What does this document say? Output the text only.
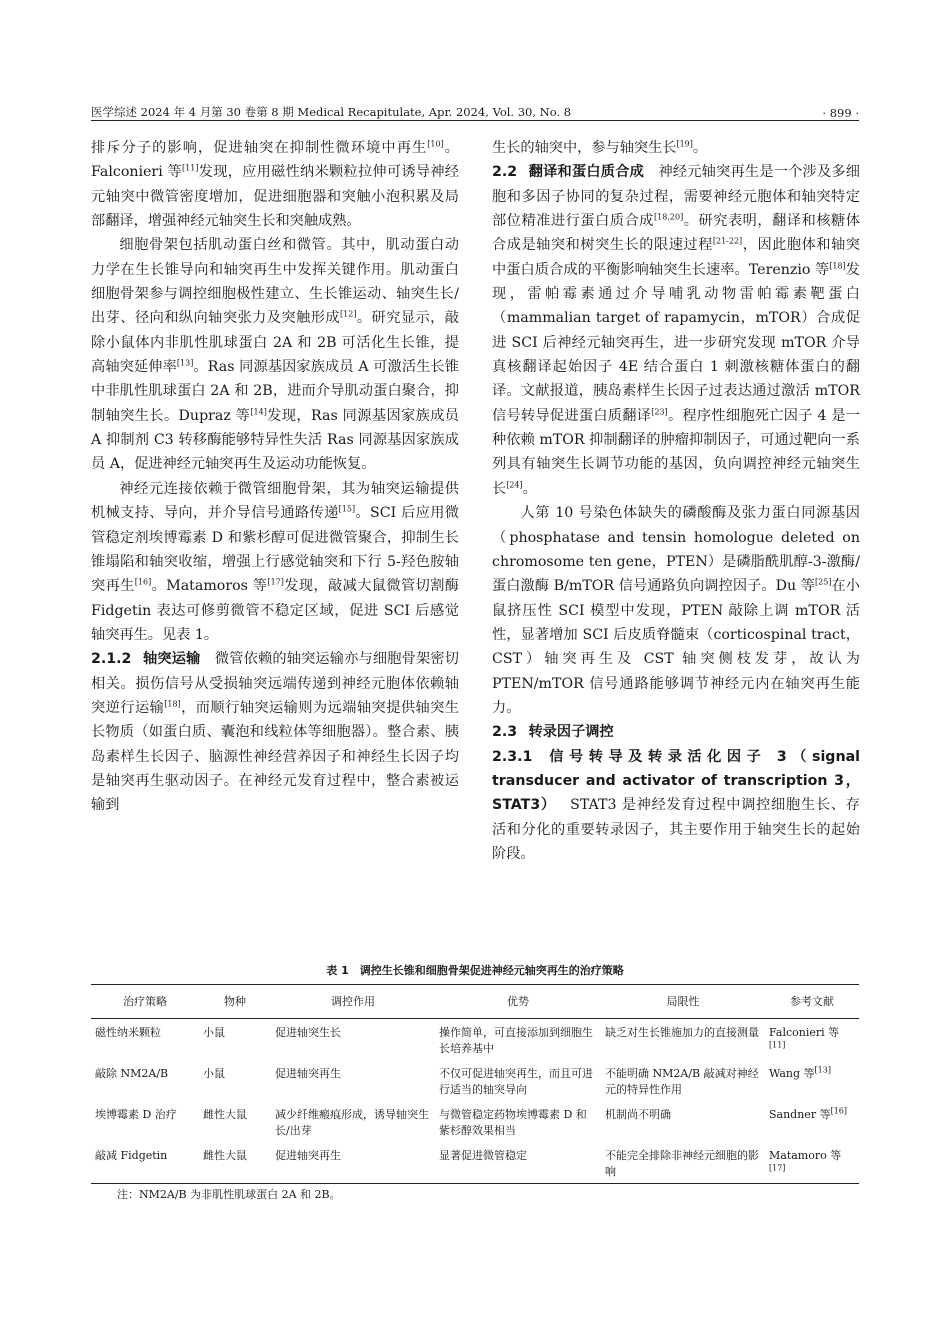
医学综述 2024 年 4 月第 30 卷第 8 期 Medical Recapitulate, Apr. 2024, Vol. 30, No. 8	· 899 ·

排斥分子的影响，促进轴突在抑制性微环境中再生[10]。Falconieri 等[11]发现，应用磁性纳米颗粒拉伸可诱导神经元轴突中微管密度增加，促进细胞器和突触小泡积累及局部翻译，增强神经元轴突生长和突触成熟。

细胞骨架包括肌动蛋白丝和微管。其中，肌动蛋白动力学在生长锥导向和轴突再生中发挥关键作用。肌动蛋白细胞骨架参与调控细胞极性建立、生长锥运动、轴突生长/出芽、径向和纵向轴突张力及突触形成[12]。研究显示，敲除小鼠体内非肌性肌球蛋白 2A 和 2B 可活化生长锥，提高轴突延伸率[13]。Ras 同源基因家族成员 A 可激活生长锥中非肌性肌球蛋白 2A 和 2B，进而介导肌动蛋白聚合，抑制轴突生长。Dupraz 等[14]发现，Ras 同源基因家族成员 A 抑制剂 C3 转移酶能够特异性失活 Ras 同源基因家族成员 A，促进神经元轴突再生及运动功能恢复。

神经元连接依赖于微管细胞骨架，其为轴突运输提供机械支持、导向，并介导信号通路传递[15]。SCI 后应用微管稳定剂埃博霉素 D 和紫杉醇可促进微管聚合，抑制生长锥塌陷和轴突收缩，增强上行感觉轴突和下行 5-羟色胺轴突再生[16]。Matamoros 等[17]发现，敲减大鼠微管切割酶 Fidgetin 表达可修剪微管不稳定区域，促进 SCI 后感觉轴突再生。见表 1。

2.1.2 轴突运输  微管依赖的轴突运输亦与细胞骨架密切相关。损伤信号从受损轴突远端传递到神经元胞体依赖轴突逆行运输[18]，而顺行轴突运输则为远端轴突提供轴突生长物质（如蛋白质、囊泡和线粒体等细胞器）。整合素、胰岛素样生长因子、脑源性神经营养因子和神经生长因子均是轴突再生驱动因子。在神经元发育过程中，整合素被运输到

生长的轴突中，参与轴突生长[19]。

2.2 翻译和蛋白质合成  神经元轴突再生是一个涉及多细胞和多因子协同的复杂过程，需要神经元胞体和轴突特定部位精准进行蛋白质合成[18,20]。研究表明，翻译和核糖体合成是轴突和树突生长的限速过程[21-22]，因此胞体和轴突中蛋白质合成的平衡影响轴突生长速率。Terenzio 等[18]发现，雷帕霉素通过介导哺乳动物雷帕霉素靶蛋白（mammalian target of rapamycin，mTOR）合成促进 SCI 后神经元轴突再生，进一步研究发现 mTOR 介导真核翻译起始因子 4E 结合蛋白 1 刺激核糖体蛋白的翻译。文献报道，胰岛素样生长因子过表达通过激活 mTOR 信号转导促进蛋白质翻译[23]。程序性细胞死亡因子 4 是一种依赖 mTOR 抑制翻译的肿瘤抑制因子，可通过靶向一系列具有轴突生长调节功能的基因，负向调控神经元轴突生长[24]。

人第 10 号染色体缺失的磷酸酶及张力蛋白同源基因（phosphatase and tensin homologue deleted on chromosome ten gene，PTEN）是磷脂酰肌醇-3-激酶/蛋白激酶 B/mTOR 信号通路负向调控因子。Du 等[25]在小鼠挤压性 SCI 模型中发现，PTEN 敲除上调 mTOR 活性，显著增加 SCI 后皮质脊髓束（corticospinal tract，CST）轴突再生及 CST 轴突侧枝发芽，故认为 PTEN/mTOR 信号通路能够调节神经元内在轴突再生能力。

2.3 转录因子调控

2.3.1 信号转导及转录活化因子 3（signal transducer and activator of transcription 3，STAT3）  STAT3 是神经发育过程中调控细胞生长、存活和分化的重要转录因子，其主要作用于轴突生长的起始阶段。

表 1　调控生长锥和细胞骨架促进神经元轴突再生的治疗策略
治疗策略	物种	调控作用	优势	局限性	参考文献
磁性纳米颗粒	小鼠	促进轴突生长	操作简单，可直接添加到细胞生长培养基中	缺乏对生长锥施加力的直接测量	Falconieri 等[11]
敲除 NM2A/B	小鼠	促进轴突再生	不仅可促进轴突再生，而且可进行适当的轴突导向	不能明确 NM2A/B 敲减对神经元的特异性作用	Wang 等[13]
埃博霉素 D 治疗	雌性大鼠	减少纤维瘢痕形成，诱导轴突生长/出芽	与微管稳定药物埃博霉素 D 和紫杉醇效果相当	机制尚不明确	Sandner 等[16]
敲减 Fidgetin	雌性大鼠	促进轴突再生	显著促进微管稳定	不能完全排除非神经元细胞的影响	Matamoro 等[17]
注：NM2A/B 为非肌性肌球蛋白 2A 和 2B。
